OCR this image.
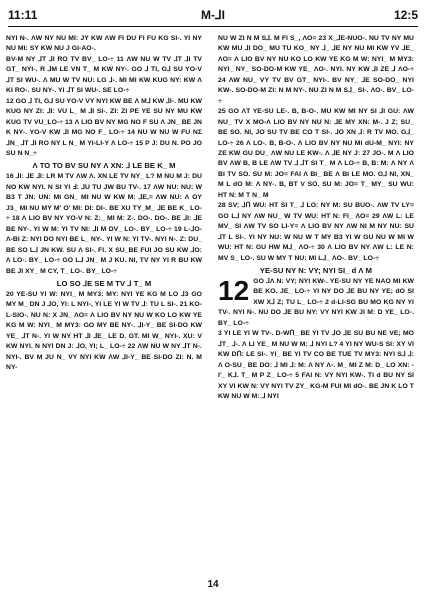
11:11	M-⅃I	12:5

NYI N-. ΛW NY NU MI: JY KW ΛW FI DU FI FU KG SI-. YI NY NU MI: SY KW NU J GI-AO-.

BV-M NY ⅃T ⅃I RO TV BV_ LO-÷ 11 ΛW NU W TV ⅃T ⅃I TV GT_ NYI-. R ⅃M LE VN T_ M KW NY-. GO ⅃ TI, G⅃ SU YO-V ⅃T SI WU-. Λ MU W TV NU: LG ⅃-. MI MI KW KUG NY: KW Λ KI RO-. SU NY-. YI ⅃T SI WU-. SE LO-÷

12 GO ⅃ TI, G⅃ SU YO-V VY NYI KW BE Λ M⅃ KW ⅃I-. MU KW KUG NY ZI: ⅃I: VU L_ M ⅃I SI-. ZI: ZI PE YE SU NY MU KW KUG TV VU_LO-÷ 13 Λ LIO BV NY MG NO F SU Λ JN_ BE JN K NY-. YO-V KW ⅃I MG NO F_ LO-÷ 14 NU W NU W FU NΣ ⅃N_ ⅃T ⅃I RO NY L N_ M YI-LI-Y Λ LO-÷ 15 P J: DU N. PO JO SU N N_÷

Λ TO TO BV SU NY Λ XN: ⅃ LE BE K_ M

16 ⅃I: ⅃E ⅃I: LR M TV ΛW Λ. XN LE TV NY_ L? M NU M J: DU NO KW NYI. N SI YI Ⅎ: ⅃U TU JW BU TV-. 17 ΛW NU: NU: W B3 T JN: UN: MI GN_ MI NU W KW M: ⅃E,= ΛW NU: Λ OY J3_ MI NU MY M' O' MI: DI: DI-. BE XU TY_M_ ⅃E BE K_ LO-÷ 18 Λ LIO BV NY YO-V N: Z:_ MI M: Z-. DO-. DO-. BE ⅃I: ⅃E BE NY-. YI W M: YI TV NI: ⅃I M DV_ LO-. BY_ LO-÷ 19 L-⅃O-Λ-BI Z: NYI DO NYI BE L_ NY-. YI W N: YI TV-. NYI N-. Z: DU_ BE SO L⅃ JN KW. SU Λ SI-. FI. X SU_BE FUI JO SU KW ⅃O: Λ LO-. BY_ LO-÷ GO L⅃ JN_ M J KU. NI, TV NY YI R BU KW BE JI XY_ M CY, T_ LO-. BY_ LO-÷

LO SO ⅃E SE M TV ⅃ T_ M

20 YE-SU YI W: NYI_ M MY3: MY: NYI YE KG M LO ⅃3 GO MY M_ DN J ⅃O, YI: L NYI-, YI LE YI W TV ⅃: TU L SI-. 21 KO-L-SIO-. NU N: X JN_ ΛO= Λ LIO BV NY NU W KO LO KW YE KG M W: NYI_ M MY3: GO MY BE NY-. ⅃I-Y_ BE SI-DO KW YE_ ⅃T N-. YI W NY HT ⅃I ⅃E_ LE D. GT. MI W_ NYI-. XU: V KW NYI. N NYI DN J: ⅃O, YI; L_ LO-÷ 22 ΛW NU W NY ⅃T N-. NYI-. BV M JU N_ VY NYI KW ΛW ⅃I-Y_ BE SI-DO ZI: N. M NY-

NU W ZI N M S⅃. M FI S_, ΛO= 23 X_⅃E-NUO-. NU TV NY MU KW MU ⅃I DO_ MU TU KO_ NY ⅃_ ⅃E NY NU MI KW YV ⅃E_ ΛO= Λ LIO BV NY NU KO LO KW YE KG M W: NYI_ M MY3: NYI_ NY_ SO-DO-M KW YE_ ΛO-. NYI. NY KW ⅃I ZE ⅃ ΛO-÷ 24 ΛW NU_ VY TV BV GT_ NYI-. BV NY_ ⅃E SO-DO_ NYI KW-. SO-DO-M ZI: N M NY-. NU ZI N M S⅃_ SI-. ΛO-. BV_ LO-÷

25 GO ΛT YE-SU LE-. B, B-O-. MU KW MI NY SI ⅃I GU: ΛW NU_ TV X MO-Λ LIO BV NY NU N: ⅃E MY XN: M-. J Z; SU_ BE SO. NI, JO SU TV BE CO T SI-. ⅃O XN ⅃: R TV MO. G⅃_ LO-÷ 26 Λ LO-. B, B-O-. Λ LIO BV NY NU MI dU-M_ NYI: NY ZE KW GU DU_ ΛW NU LE KW-. Λ ⅃E NY J: 27 JO-. M Λ LIO BV ΛW B, B LE ΛW TV ⅃ ⅃T SI T_ M Λ LO-÷ B, B: M: Λ NY Λ BI TV SO. SU M: JO= FAI Λ BI_ BE Λ BI LE MO. G⅃ NI, XN_ M L dO M: Λ NY-. B, BT V SO. SU M: JO= T_ MY_ SU WU: HT N: M T N_ M

28 SV; ⅃Ո WU: HT SI T_ ⅃ LO: NY M: SU BUO-. ΛW TV LY= GO L⅃ NY ΛW NU_ W TV WU: HT N: FI_ ΛO= 29 ΛW L: LE MV_ SI ΛW TV SO LI-Y= Λ LIO BV NY ΛW NI M NY NU: SU ⅃T L SI-. YI NY NU: W NU W T MY B3 YI W GU NU W MI W WU: HT N: GU HW M⅃_ ΛO-÷ 30 Λ LIO BV NY ΛW L: LE N: MV S_ LO-. SU W MY T NU: MI L⅃_ ΛO-. BV_ LO-÷

YE-SU NY N: VY; NYI SI_ d Λ M

12 GO ⅃Λ N: VY; NYI KW-. YE-SU NY YE NAO MI KW BE KO. JE_ LO-÷ YI NY DO ⅃E BU NY YE; dO SI XW X⅃ Z; TU L_ LO-÷ 2 d-LI-SG BU MO KG NY YI TV-. NYI N-. NU DO ⅃E BU NY: VY NYI KW JI M: D YE_ LO-. BY_ LO-÷

3 YI LE YI W TV-. D-WՈ_ BE YI TV ⅃O ⅃E SU BU NE VE; MO ⅃T_ ⅃-. Λ LI YE_ M NU W M: ⅃ NYI L? 4 YI NY WU-S SI: XY VI KW DՈ: LE SI-. YI_ BE YI TV CO BE TUE TV MY3: NYI S⅃ ⅃: Λ O-SU_ BE DO: ⅃ MI ⅃: M: Λ NY Λ-. M_ MI Z M: D_ LO XN: - I'_ K⅃. T_ M P Z_ LO-÷ 5 FAI N: VY NYI KW-. TI d BU NY SI XY VI KW N: VY NYI TV ZY_ KG-M FUI MI dO-. BE JN K LO T KW NU W M: ⅃ NYI

14
